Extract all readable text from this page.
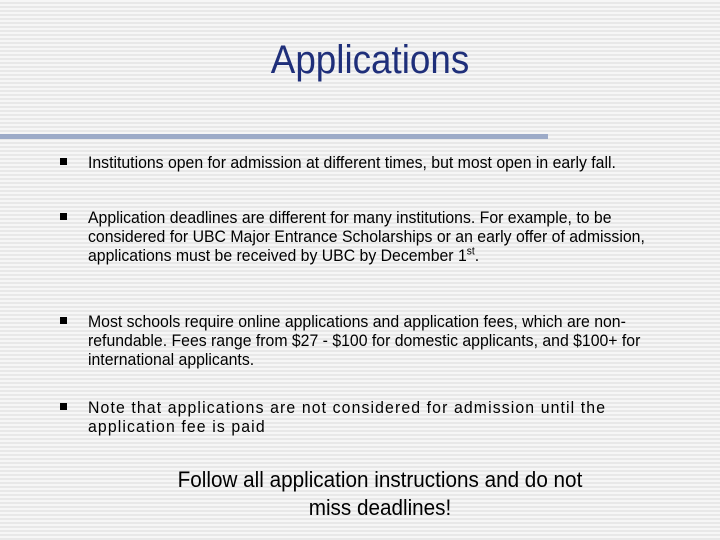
Applications
Institutions open for admission at different times, but most open in early fall.
Application deadlines are different for many institutions. For example, to be considered for UBC Major Entrance Scholarships or an early offer of admission, applications must be received by UBC by December 1st.
Most schools require online applications and application fees, which are non-refundable. Fees range from $27 - $100 for domestic applicants, and $100+ for international applicants.
Note that applications are not considered for admission until the application fee is paid
Follow all application instructions and do not miss deadlines!
